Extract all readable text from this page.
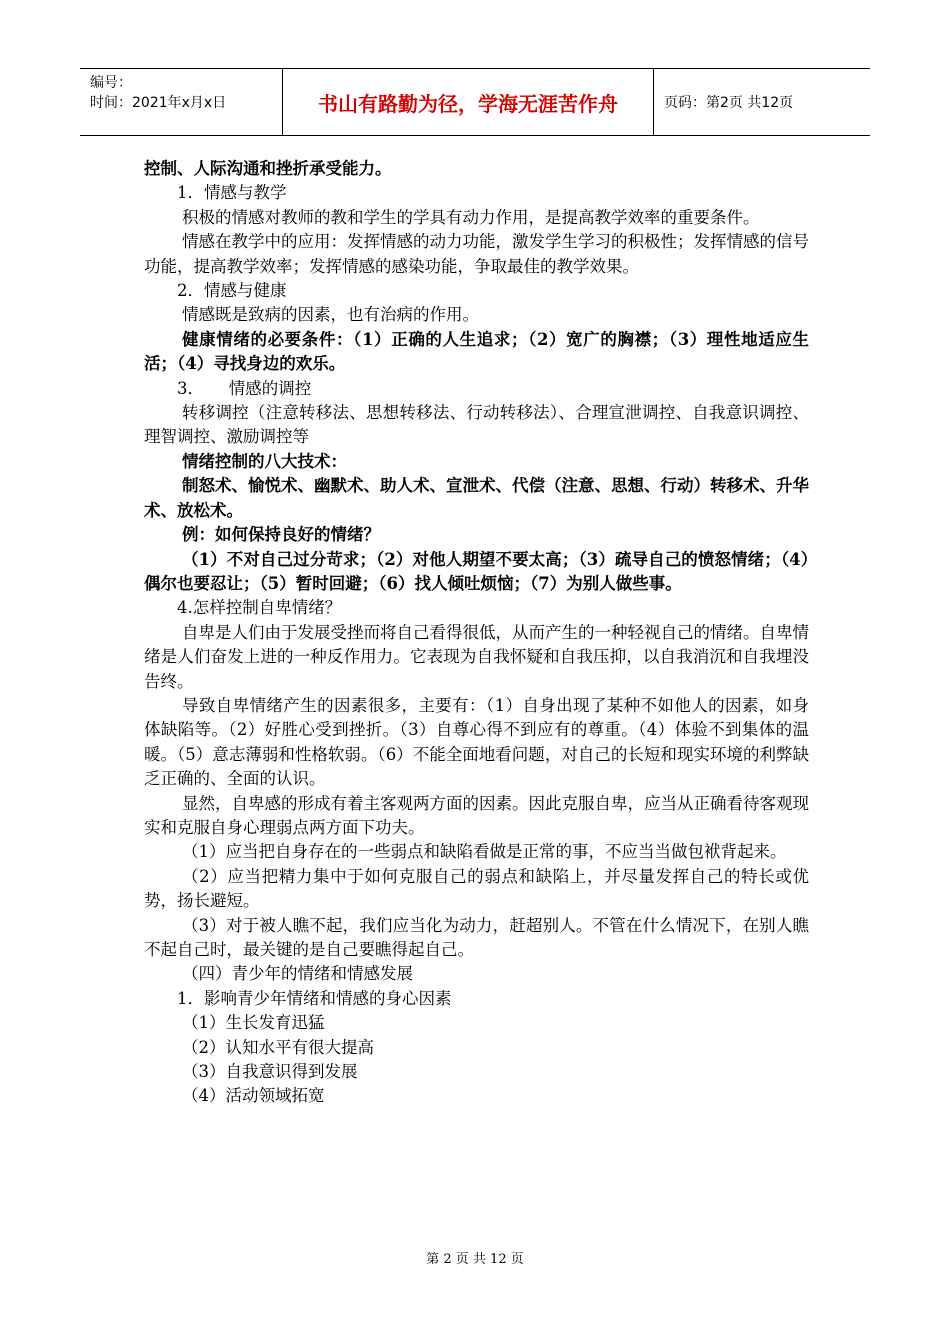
编号：
时间：2021年x月x日	书山有路勤为径，学海无涯苦作舟	页码：第2页 共12页

控制、人际沟通和挫折承受能力。

1．情感与教学

积极的情感对教师的教和学生的学具有动力作用，是提高教学效率的重要条件。

情感在教学中的应用：发挥情感的动力功能，激发学生学习的积极性；发挥情感的信号功能，提高教学效率；发挥情感的感染功能，争取最佳的教学效果。

2．情感与健康

情感既是致病的因素，也有治病的作用。

健康情绪的必要条件：（1）正确的人生追求；（2）宽广的胸襟；（3）理性地适应生活；（4）寻找身边的欢乐。

3．　　情感的调控

转移调控（注意转移法、思想转移法、行动转移法）、合理宣泄调控、自我意识调控、理智调控、激励调控等

情绪控制的八大技术：

制怒术、愉悦术、幽默术、助人术、宣泄术、代偿（注意、思想、行动）转移术、升华术、放松术。

例：如何保持良好的情绪？

（1）不对自己过分苛求；（2）对他人期望不要太高；（3）疏导自己的愤怒情绪；（4）偶尔也要忍让；（5）暂时回避；（6）找人倾吐烦恼；（7）为别人做些事。

4.怎样控制自卑情绪？

自卑是人们由于发展受挫而将自己看得很低，从而产生的一种轻视自己的情绪。自卑情绪是人们奋发上进的一种反作用力。它表现为自我怀疑和自我压抑，以自我消沉和自我埋没告终。

导致自卑情绪产生的因素很多，主要有：（1）自身出现了某种不如他人的因素，如身体缺陷等。（2）好胜心受到挫折。（3）自尊心得不到应有的尊重。（4）体验不到集体的温暖。（5）意志薄弱和性格软弱。（6）不能全面地看问题，对自己的长短和现实环境的利弊缺乏正确的、全面的认识。

显然，自卑感的形成有着主客观两方面的因素。因此克服自卑，应当从正确看待客观现实和克服自身心理弱点两方面下功夫。

（1）应当把自身存在的一些弱点和缺陷看做是正常的事，不应当当做包袱背起来。

（2）应当把精力集中于如何克服自己的弱点和缺陷上，并尽量发挥自己的特长或优势，扬长避短。

（3）对于被人瞧不起，我们应当化为动力，赶超别人。不管在什么情况下，在别人瞧不起自己时，最关键的是自己要瞧得起自己。

（四）青少年的情绪和情感发展

1．影响青少年情绪和情感的身心因素

（1）生长发育迅猛

（2）认知水平有很大提高

（3）自我意识得到发展

（4）活动领域拓宽

第 2 页 共 12 页
